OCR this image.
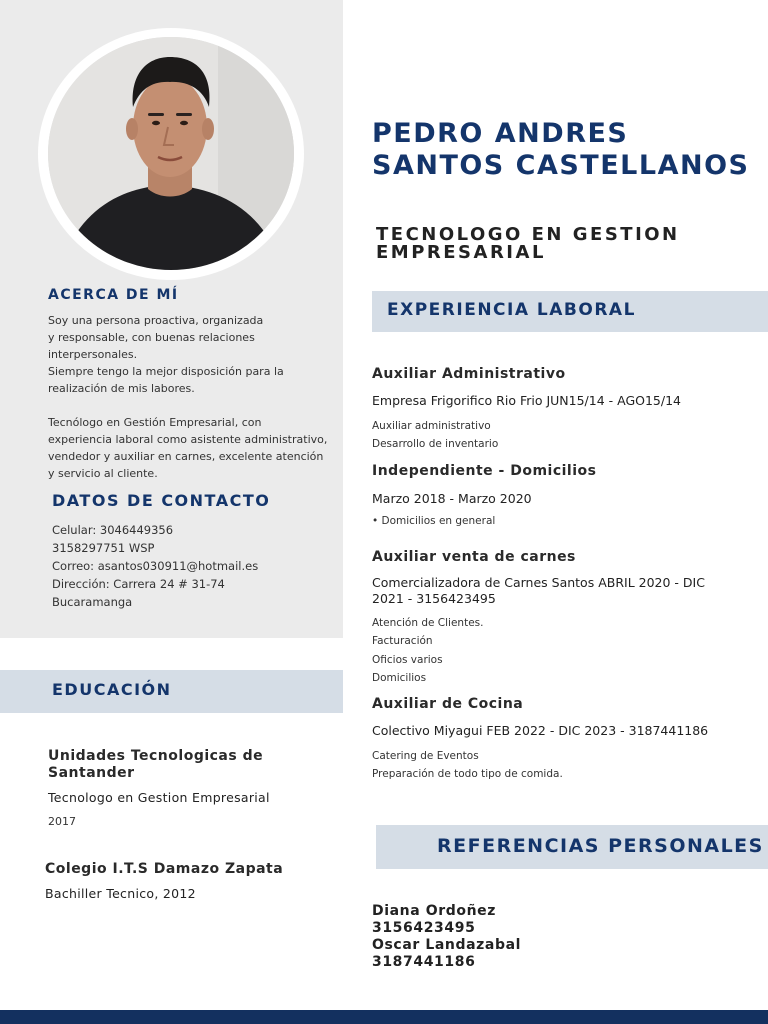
ACERCA DE MÍ
Soy una persona proactiva, organizada
y responsable, con buenas relaciones
interpersonales.
Siempre tengo la mejor disposición para la
realización de mis labores.
Tecnólogo en Gestión Empresarial, con
experiencia laboral como asistente administrativo,
vendedor y auxiliar en carnes, excelente atención
y servicio al cliente.
DATOS DE CONTACTO
Celular: 3046449356
3158297751 WSP
Correo: asantos030911@hotmail.es
Dirección: Carrera 24 # 31-74
Bucaramanga
EDUCACIÓN
Unidades Tecnologicas de
Santander
Tecnologo en Gestion Empresarial
2017
Colegio I.T.S Damazo Zapata
Bachiller Tecnico, 2012
PEDRO ANDRES
SANTOS CASTELLANOS
TECNOLOGO EN GESTION
EMPRESARIAL
EXPERIENCIA LABORAL
Auxiliar Administrativo
Empresa Frigorifico Rio Frio JUN15/14 - AGO15/14
Auxiliar administrativo
Desarrollo de inventario
Independiente - Domicilios
Marzo 2018 - Marzo 2020
• Domicilios en general
Auxiliar venta de carnes
Comercializadora de Carnes Santos ABRIL 2020 - DIC
2021 - 3156423495
Atención de Clientes.
Facturación
Oficios varios
Domicilios
Auxiliar de Cocina
Colectivo Miyagui FEB 2022 - DIC 2023 - 3187441186
Catering de Eventos
Preparación de todo tipo de comida.
REFERENCIAS PERSONALES
Diana Ordoñez
3156423495
Oscar Landazabal
3187441186
